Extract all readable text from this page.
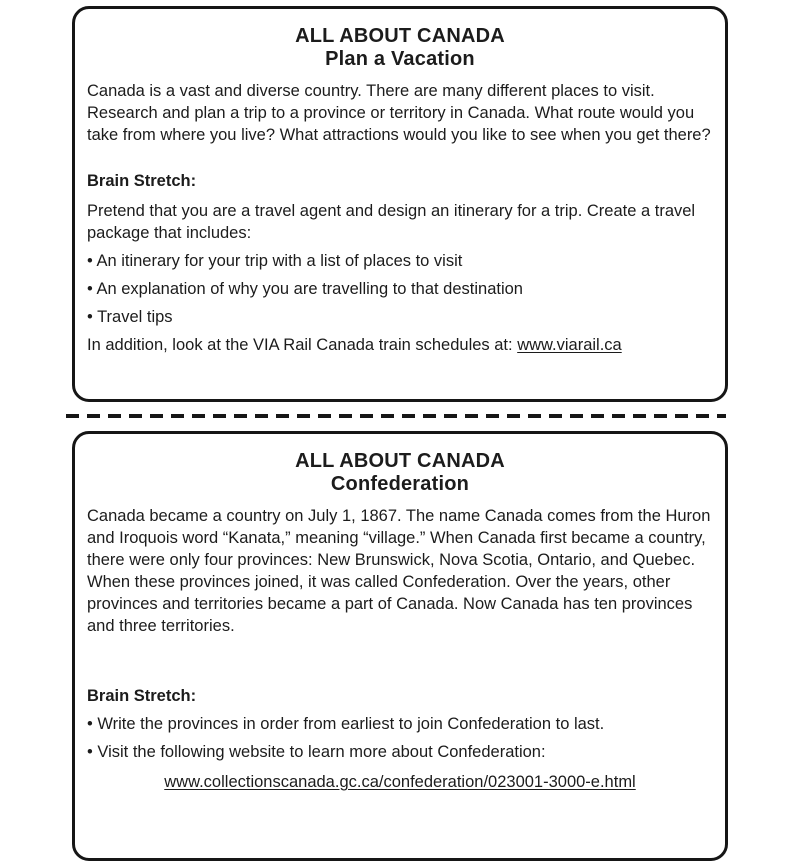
ALL ABOUT CANADA
Plan a Vacation

Canada is a vast and diverse country. There are many different places to visit. Research and plan a trip to a province or territory in Canada. What route would you take from where you live? What attractions would you like to see when you get there?

Brain Stretch:

Pretend that you are a travel agent and design an itinerary for a trip. Create a travel package that includes:

• An itinerary for your trip with a list of places to visit

• An explanation of why you are travelling to that destination

• Travel tips

In addition, look at the VIA Rail Canada train schedules at: www.viarail.ca

ALL ABOUT CANADA
Confederation

Canada became a country on July 1, 1867. The name Canada comes from the Huron and Iroquois word “Kanata,” meaning “village.” When Canada first became a country, there were only four provinces: New Brunswick, Nova Scotia, Ontario, and Quebec. When these provinces joined, it was called Confederation. Over the years, other provinces and territories became a part of Canada. Now Canada has ten provinces and three territories.

Brain Stretch:

• Write the provinces in order from earliest to join Confederation to last.

• Visit the following website to learn more about Confederation:

www.collectionscanada.gc.ca/confederation/023001-3000-e.html
